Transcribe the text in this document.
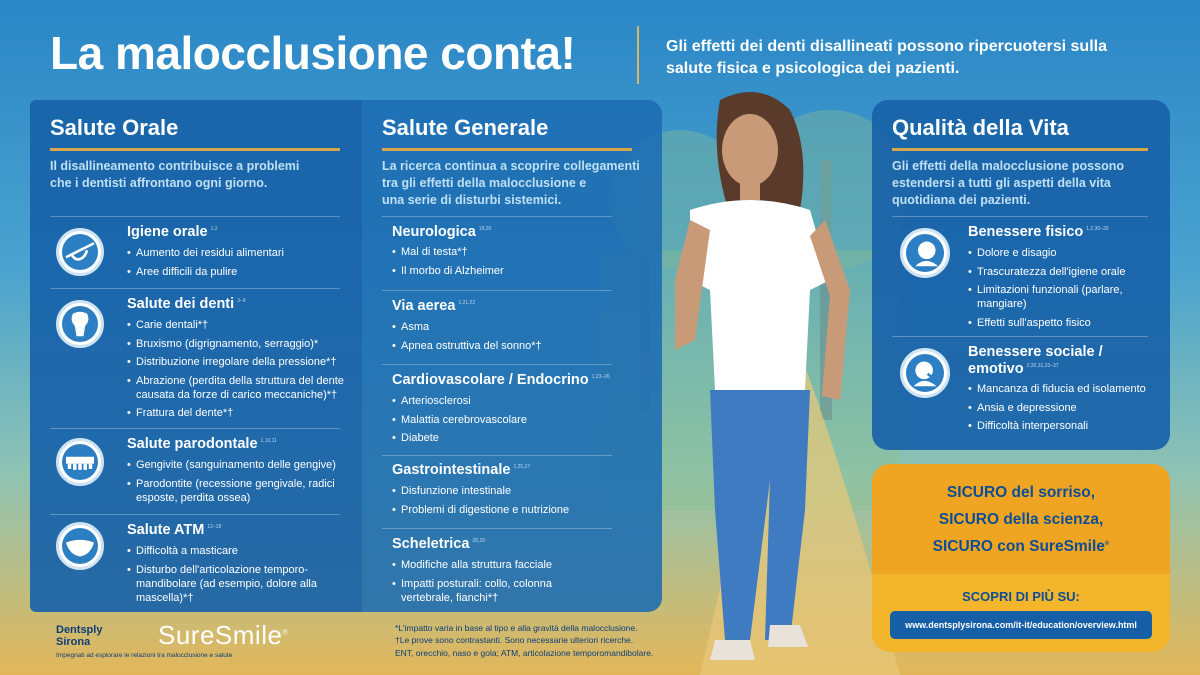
La malocclusione conta!	Gli effetti dei denti disallineati possono ripercuotersi sulla salute fisica e psicologica dei pazienti.
Salute Orale
Il disallineamento contribuisce a problemi
che i dentisti affrontano ogni giorno.
Igiene orale $^{1,2}$
• Aumento dei residui alimentari
• Aree difficili da pulire
Salute dei denti $^{3-9}$
• Carie dentali*†
• Bruxismo (digrignamento, serraggio)*
• Distribuzione irregolare della pressione*†
• Abrazione (perdita della struttura del dente causata da forze di carico meccaniche)*†
• Frattura del dente*†
Salute parodontale $^{1,10,11}$
• Gengivite (sanguinamento delle gengive)
• Parodontite (recessione gengivale, radici esposte, perdita ossea)
Salute ATM $^{12-18}$
• Difficoltà a masticare
• Disturbo dell'articolazione temporo-mandibolare (ad esempio, dolore alla mascella)*†
Salute Generale
La ricerca continua a scoprire collegamenti
tra gli effetti della malocclusione e
una serie di disturbi sistemici.
Neurologica $^{19,20}$
• Mal di testa*†
• Il morbo di Alzheimer
Via aerea $^{1,21,22}$
• Asma
• Apnea ostruttiva del sonno*†
Cardiovascolare / Endocrino $^{1,23-26}$
• Arteriosclerosi
• Malattia cerebrovascolare
• Diabete
Gastrointestinale $^{1,25,27}$
• Disfunzione intestinale
• Problemi di digestione e nutrizione
Scheletrica $^{28,29}$
• Modifiche alla struttura facciale
• Impatti posturali: collo, colonna vertebrale, fianchi*†
Qualità della Vita
Gli effetti della malocclusione possono
estendersi a tutti gli aspetti della vita
quotidiana dei pazienti.
Benessere fisico $^{1,2,30-33}$
• Dolore e disagio
• Trascuratezza dell'igiene orale
• Limitazioni funzionali (parlare, mangiare)
• Effetti sull'aspetto fisico
Benessere sociale /
emotivo $^{2,30,31,33-37}$
• Mancanza di fiducia ed isolamento
• Ansia e depressione
• Difficoltà interpersonali
SICURO del sorriso,
SICURO della scienza,
SICURO con SureSmile®
SCOPRI DI PIÙ SU:
www.dentsplysirona.com/it-it/education/overview.html
Dentsply
Sirona	SureSmile®
Impegnati ad esplorare le relazioni tra malocclusione e salute
*L'impatto varia in base al tipo e alla gravità della malocclusione.
†Le prove sono contrastanti. Sono necessarie ulteriori ricerche.
ENT, orecchio, naso e gola; ATM, articolazione temporomandibolare.
